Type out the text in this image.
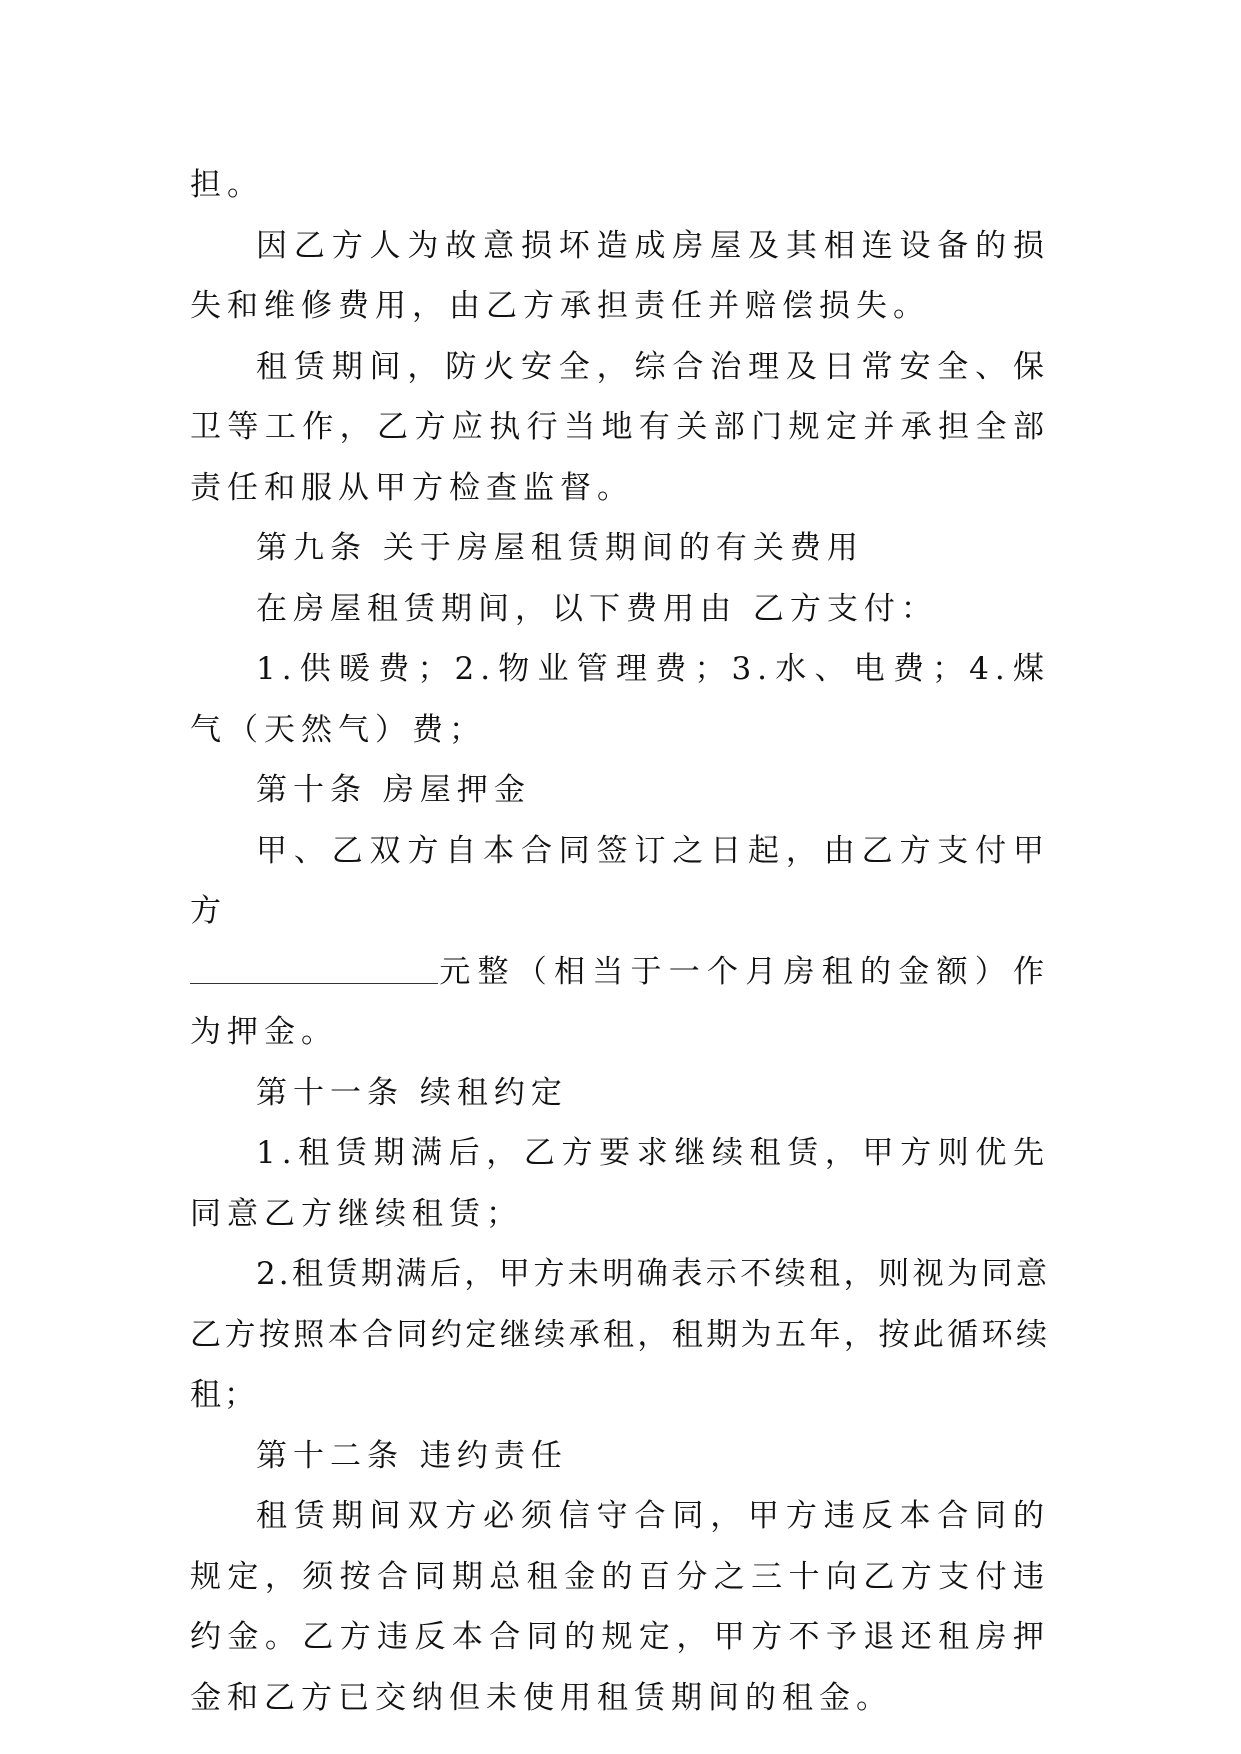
担。

因乙方人为故意损坏造成房屋及其相连设备的损失和维修费用，由乙方承担责任并赔偿损失。

租赁期间，防火安全，综合治理及日常安全、保卫等工作，乙方应执行当地有关部门规定并承担全部责任和服从甲方检查监督。

第九条 关于房屋租赁期间的有关费用

在房屋租赁期间，以下费用由 乙方支付：

1.供暖费；2.物业管理费；3.水、电费；4.煤气（天然气）费；

第十条 房屋押金

甲、乙双方自本合同签订之日起，由乙方支付甲方

元整（相当于一个月房租的金额）作为押金。

第十一条 续租约定

1.租赁期满后，乙方要求继续租赁，甲方则优先同意乙方继续租赁；

2.租赁期满后，甲方未明确表示不续租，则视为同意乙方按照本合同约定继续承租，租期为五年，按此循环续租；

第十二条 违约责任

租赁期间双方必须信守合同，甲方违反本合同的规定，须按合同期总租金的百分之三十向乙方支付违约金。乙方违反本合同的规定，甲方不予退还租房押金和乙方已交纳但未使用租赁期间的租金。
